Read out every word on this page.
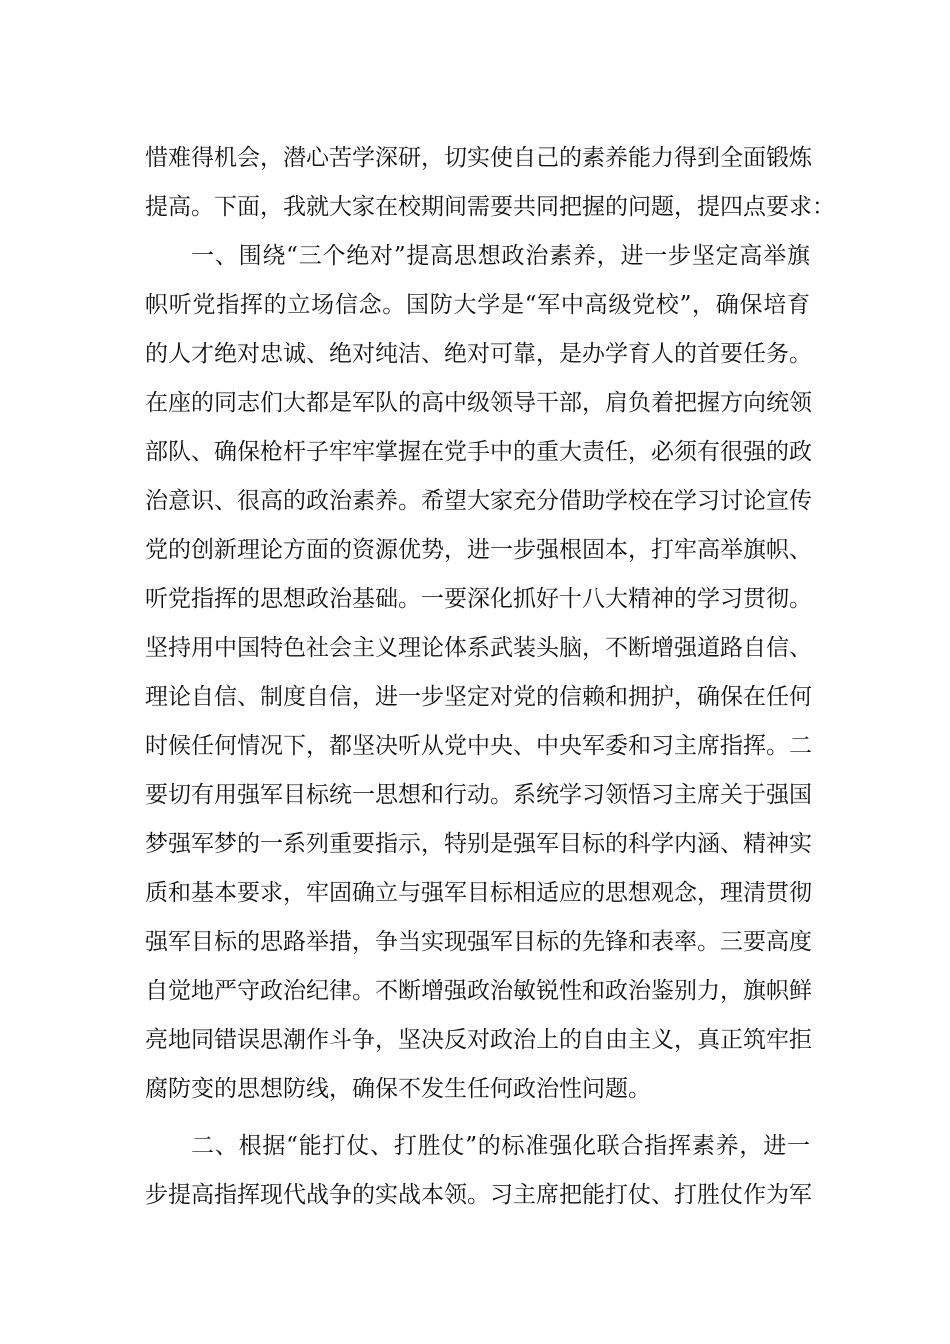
惜难得机会，潜心苦学深研，切实使自己的素养能力得到全面锻炼
提高。下面，我就大家在校期间需要共同把握的问题，提四点要求：
一、围绕“三个绝对”提高思想政治素养，进一步坚定高举旗
帜听党指挥的立场信念。国防大学是“军中高级党校”，确保培育
的人才绝对忠诚、绝对纯洁、绝对可靠，是办学育人的首要任务。
在座的同志们大都是军队的高中级领导干部，肩负着把握方向统领
部队、确保枪杆子牢牢掌握在党手中的重大责任，必须有很强的政
治意识、很高的政治素养。希望大家充分借助学校在学习讨论宣传
党的创新理论方面的资源优势，进一步强根固本，打牢高举旗帜、
听党指挥的思想政治基础。一要深化抓好十八大精神的学习贯彻。
坚持用中国特色社会主义理论体系武装头脑，不断增强道路自信、
理论自信、制度自信，进一步坚定对党的信赖和拥护，确保在任何
时候任何情况下，都坚决听从党中央、中央军委和习主席指挥。二
要切有用强军目标统一思想和行动。系统学习领悟习主席关于强国
梦强军梦的一系列重要指示，特别是强军目标的科学内涵、精神实
质和基本要求，牢固确立与强军目标相适应的思想观念，理清贯彻
强军目标的思路举措，争当实现强军目标的先锋和表率。三要高度
自觉地严守政治纪律。不断增强政治敏锐性和政治鉴别力，旗帜鲜
亮地同错误思潮作斗争，坚决反对政治上的自由主义，真正筑牢拒
腐防变的思想防线，确保不发生任何政治性问题。
二、根据“能打仗、打胜仗”的标准强化联合指挥素养，进一
步提高指挥现代战争的实战本领。习主席把能打仗、打胜仗作为军
